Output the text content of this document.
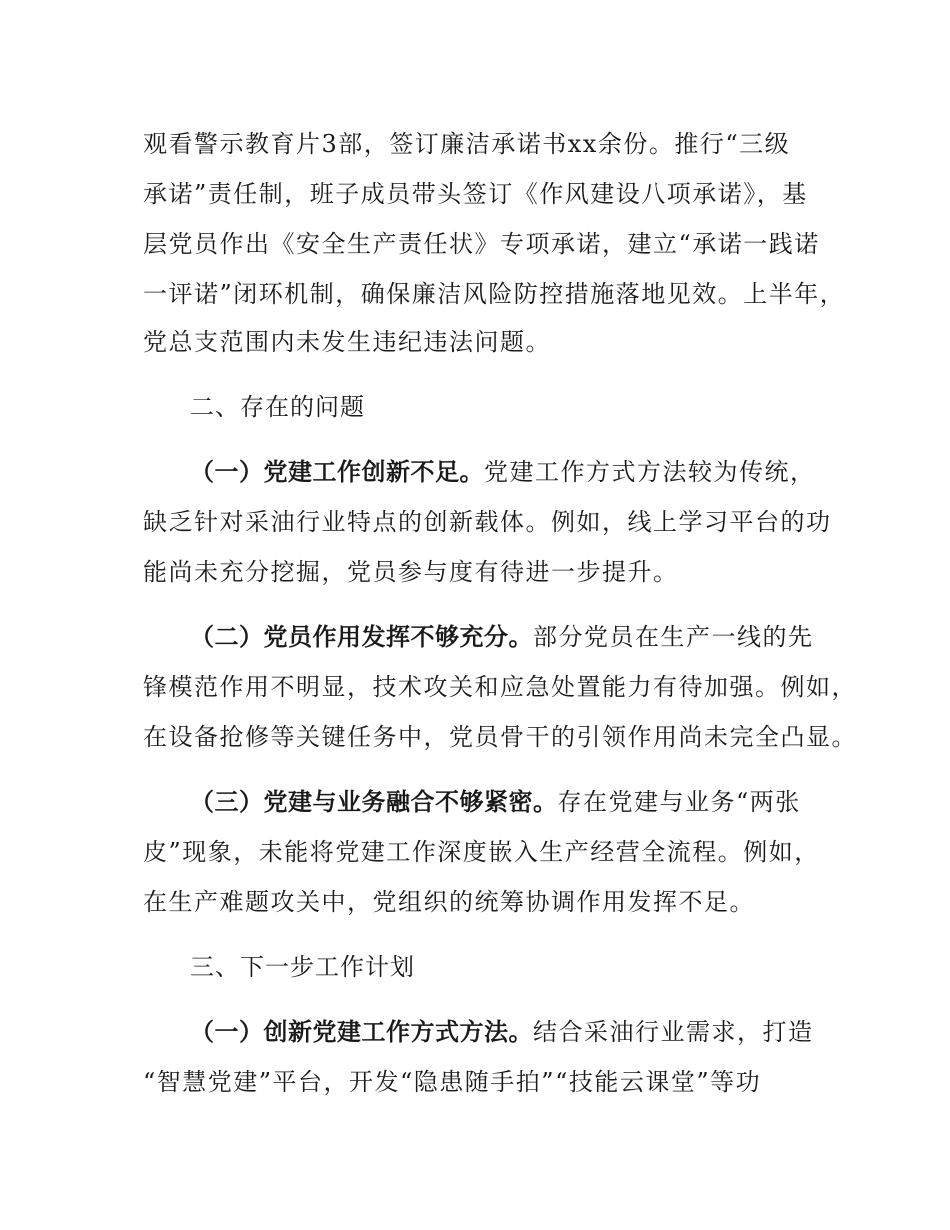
观看警示教育片3部，签订廉洁承诺书xx余份。推行“三级
承诺”责任制，班子成员带头签订《作风建设八项承诺》，基
层党员作出《安全生产责任状》专项承诺，建立“承诺一践诺
一评诺”闭环机制，确保廉洁风险防控措施落地见效。上半年，
党总支范围内未发生违纪违法问题。
二、存在的问题
（一）党建工作创新不足。党建工作方式方法较为传统，
缺乏针对采油行业特点的创新载体。例如，线上学习平台的功
能尚未充分挖掘，党员参与度有待进一步提升。
（二）党员作用发挥不够充分。部分党员在生产一线的先
锋模范作用不明显，技术攻关和应急处置能力有待加强。例如，
在设备抢修等关键任务中，党员骨干的引领作用尚未完全凸显。
（三）党建与业务融合不够紧密。存在党建与业务“两张
皮”现象，未能将党建工作深度嵌入生产经营全流程。例如，
在生产难题攻关中，党组织的统筹协调作用发挥不足。
三、下一步工作计划
（一）创新党建工作方式方法。结合采油行业需求，打造
“智慧党建”平台，开发“隐患随手拍”“技能云课堂”等功
